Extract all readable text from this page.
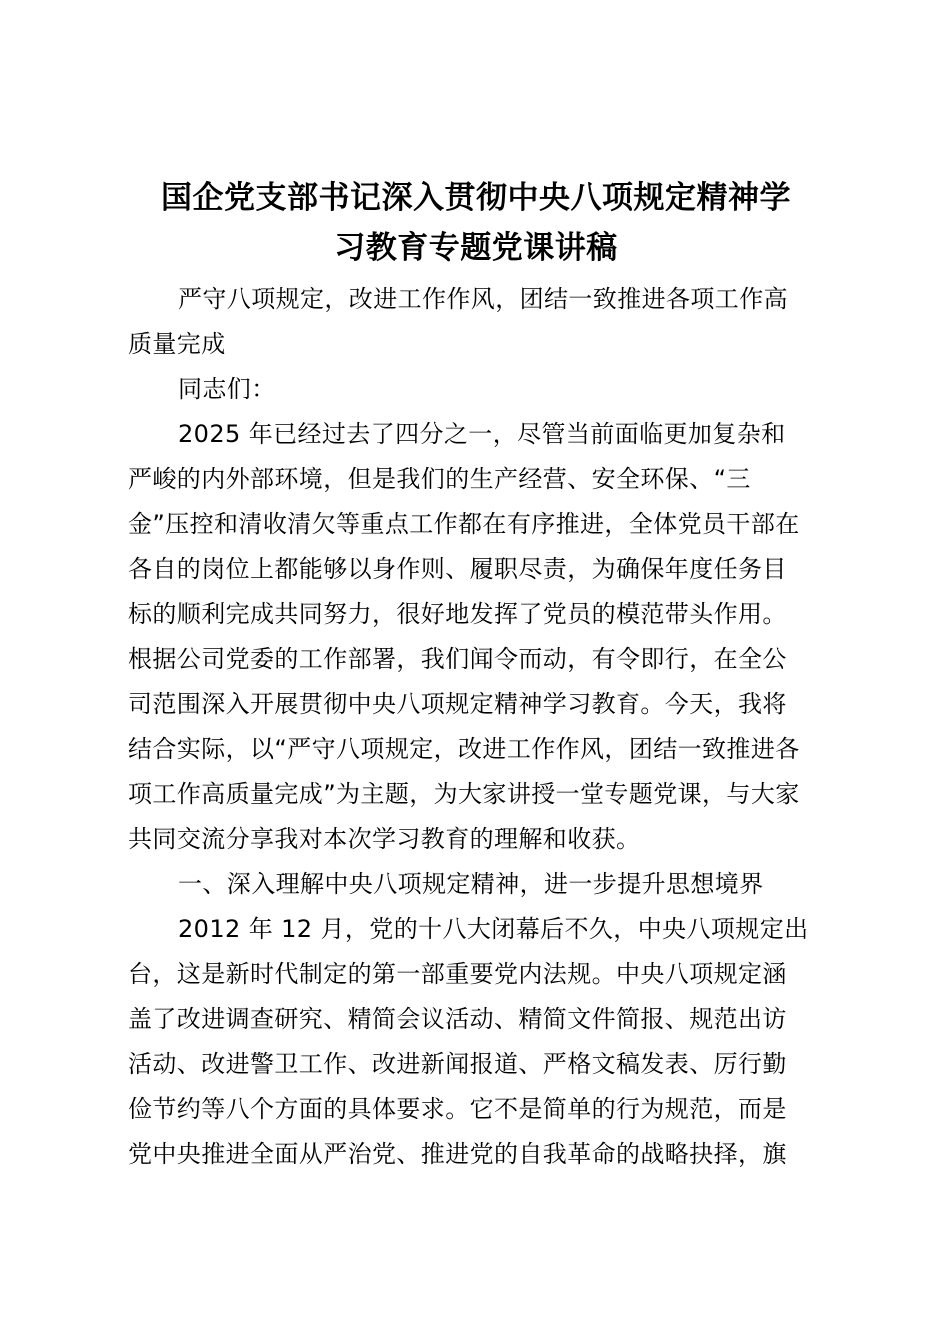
国企党支部书记深入贯彻中央八项规定精神学
习教育专题党课讲稿
严守八项规定，改进工作作风，团结一致推进各项工作高
质量完成
同志们：
2025 年已经过去了四分之一，尽管当前面临更加复杂和
严峻的内外部环境，但是我们的生产经营、安全环保、“三
金”压控和清收清欠等重点工作都在有序推进，全体党员干部在
各自的岗位上都能够以身作则、履职尽责，为确保年度任务目
标的顺利完成共同努力，很好地发挥了党员的模范带头作用。
根据公司党委的工作部署，我们闻令而动，有令即行，在全公
司范围深入开展贯彻中央八项规定精神学习教育。今天，我将
结合实际，以“严守八项规定，改进工作作风，团结一致推进各
项工作高质量完成”为主题，为大家讲授一堂专题党课，与大家
共同交流分享我对本次学习教育的理解和收获。
一、深入理解中央八项规定精神，进一步提升思想境界
2012 年 12 月，党的十八大闭幕后不久，中央八项规定出
台，这是新时代制定的第一部重要党内法规。中央八项规定涵
盖了改进调查研究、精简会议活动、精简文件简报、规范出访
活动、改进警卫工作、改进新闻报道、严格文稿发表、厉行勤
俭节约等八个方面的具体要求。它不是简单的行为规范，而是
党中央推进全面从严治党、推进党的自我革命的战略抉择，旗
